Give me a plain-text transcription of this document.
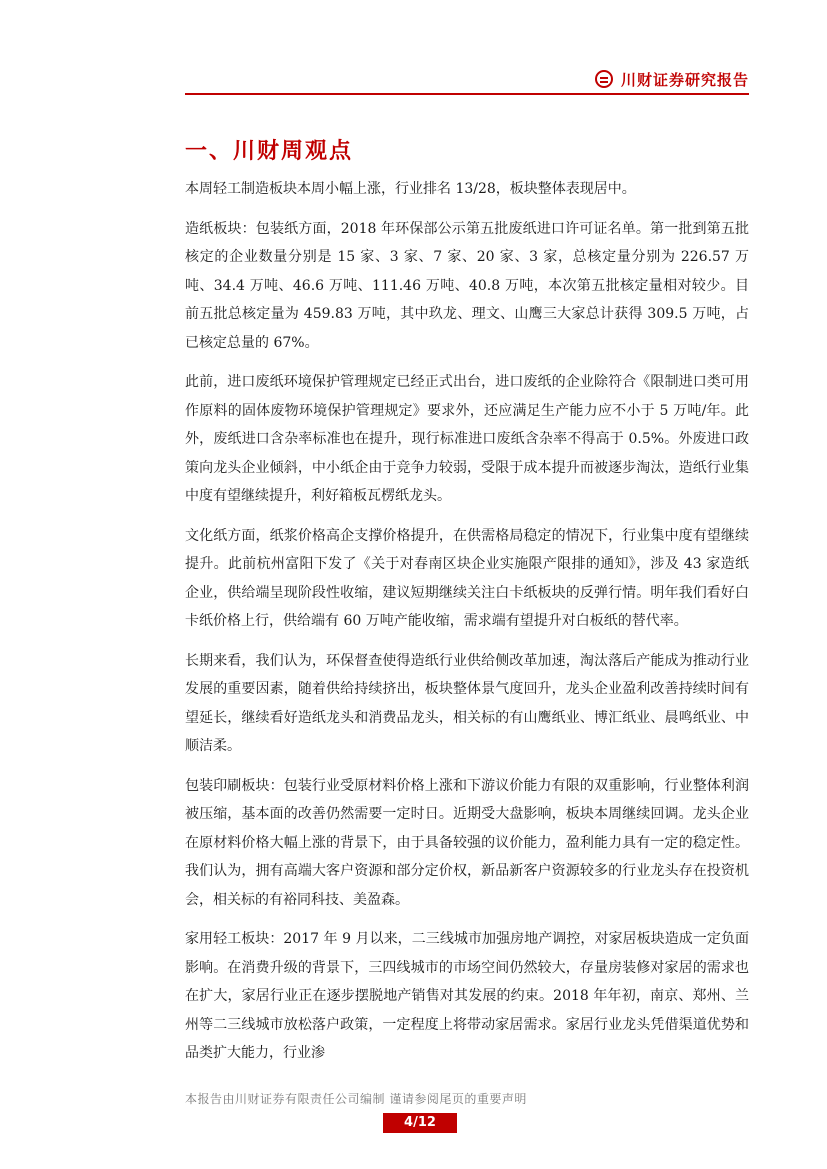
川财证券研究报告
一、川财周观点

本周轻工制造板块本周小幅上涨，行业排名 13/28，板块整体表现居中。

造纸板块：包装纸方面，2018 年环保部公示第五批废纸进口许可证名单。第一批到第五批核定的企业数量分别是 15 家、3 家、7 家、20 家、3 家，总核定量分别为 226.57 万吨、34.4 万吨、46.6 万吨、111.46 万吨、40.8 万吨，本次第五批核定量相对较少。目前五批总核定量为 459.83 万吨，其中玖龙、理文、山鹰三大家总计获得 309.5 万吨，占已核定总量的 67%。

此前，进口废纸环境保护管理规定已经正式出台，进口废纸的企业除符合《限制进口类可用作原料的固体废物环境保护管理规定》要求外，还应满足生产能力应不小于 5 万吨/年。此外，废纸进口含杂率标准也在提升，现行标准进口废纸含杂率不得高于 0.5%。外废进口政策向龙头企业倾斜，中小纸企由于竞争力较弱，受限于成本提升而被逐步淘汰，造纸行业集中度有望继续提升，利好箱板瓦楞纸龙头。

文化纸方面，纸浆价格高企支撑价格提升，在供需格局稳定的情况下，行业集中度有望继续提升。此前杭州富阳下发了《关于对春南区块企业实施限产限排的通知》，涉及 43 家造纸企业，供给端呈现阶段性收缩，建议短期继续关注白卡纸板块的反弹行情。明年我们看好白卡纸价格上行，供给端有 60 万吨产能收缩，需求端有望提升对白板纸的替代率。

长期来看，我们认为，环保督查使得造纸行业供给侧改革加速，淘汰落后产能成为推动行业发展的重要因素，随着供给持续挤出，板块整体景气度回升，龙头企业盈利改善持续时间有望延长，继续看好造纸龙头和消费品龙头，相关标的有山鹰纸业、博汇纸业、晨鸣纸业、中顺洁柔。

包装印刷板块：包装行业受原材料价格上涨和下游议价能力有限的双重影响，行业整体利润被压缩，基本面的改善仍然需要一定时日。近期受大盘影响，板块本周继续回调。龙头企业在原材料价格大幅上涨的背景下，由于具备较强的议价能力，盈利能力具有一定的稳定性。我们认为，拥有高端大客户资源和部分定价权，新品新客户资源较多的行业龙头存在投资机会，相关标的有裕同科技、美盈森。

家用轻工板块：2017 年 9 月以来，二三线城市加强房地产调控，对家居板块造成一定负面影响。在消费升级的背景下，三四线城市的市场空间仍然较大，存量房装修对家居的需求也在扩大，家居行业正在逐步摆脱地产销售对其发展的约束。2018 年年初，南京、郑州、兰州等二三线城市放松落户政策，一定程度上将带动家居需求。家居行业龙头凭借渠道优势和品类扩大能力，行业渗

本报告由川财证券有限责任公司编制 谨请参阅尾页的重要声明
4/12
